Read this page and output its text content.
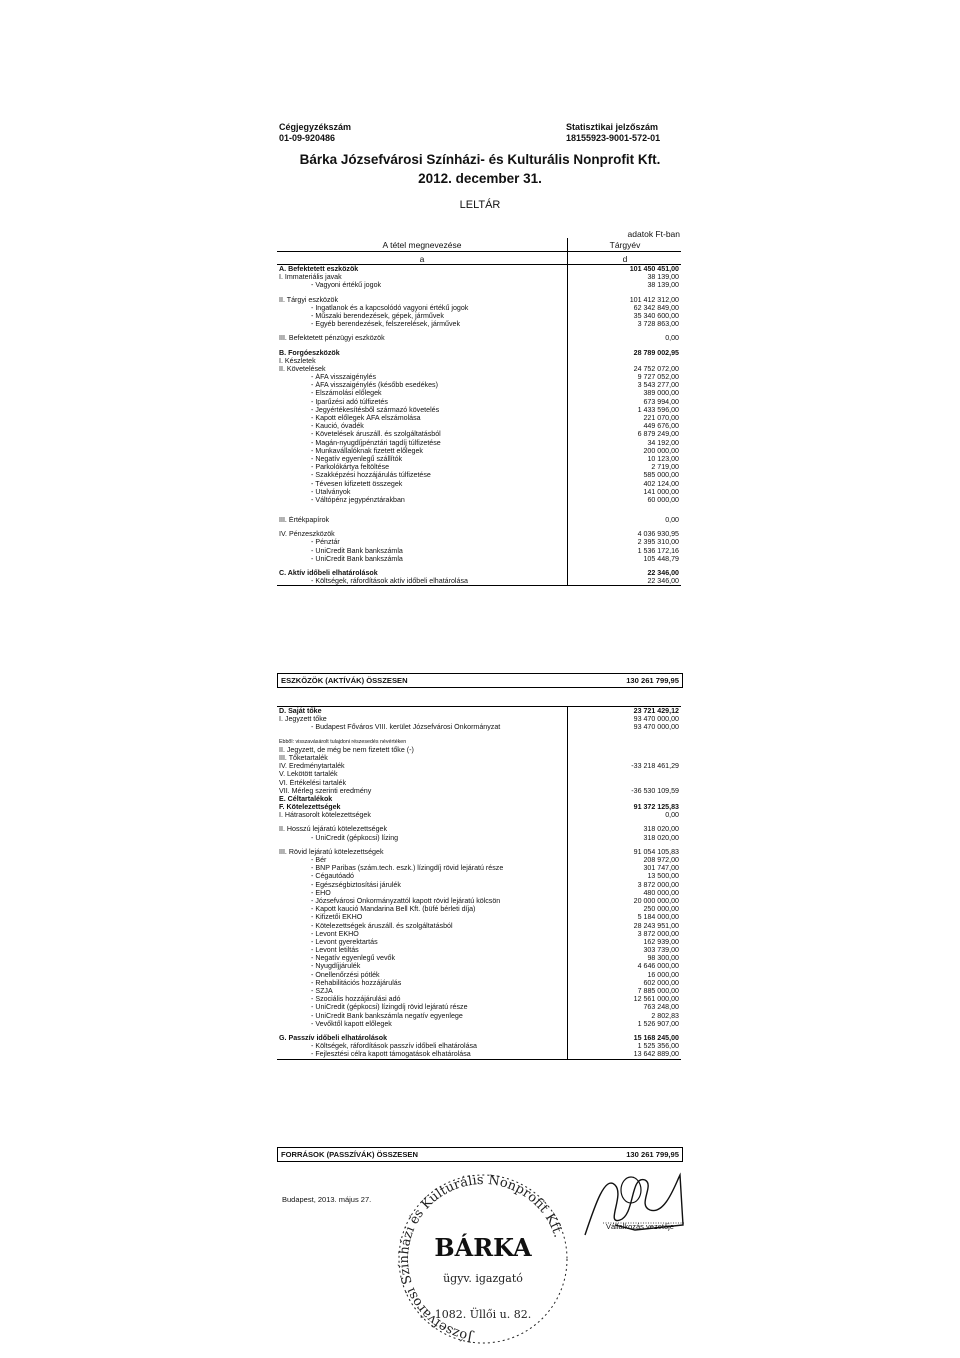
Cégjegyzékszám
01-09-920486
Statisztikai jelzőszám
18155923-9001-572-01
Bárka Józsefvárosi Színházi- és Kulturális Nonprofit Kft.
2012. december 31.
LELTÁR
adatok Ft-ban
A tétel megnevezése
a
Tárgyév
d
A. Befektetett eszközök	101 450 451,00
I. Immateriális javak	38 139,00
- Vagyoni értékű jogok	38 139,00
II. Tárgyi eszközök	101 412 312,00
- Ingatlanok és a kapcsolódó vagyoni értékű jogok	62 342 849,00
- Műszaki berendezések, gépek, járművek	35 340 600,00
- Egyéb berendezések, felszerelések, járművek	3 728 863,00
III. Befektetett pénzügyi eszközök	0,00
B. Forgóeszközök	28 789 002,95
I. Készletek
II. Követelések	24 752 072,00
- ÁFA visszaigénylés	9 727 052,00
- ÁFA visszaigénylés (később esedékes)	3 543 277,00
- Elszámolási előlegek	389 000,00
- Iparűzési adó túlfizetés	673 994,00
- Jegyértékesítésből származó követelés	1 433 596,00
- Kapott előlegek ÁFA elszámolása	221 070,00
- Kaució, óvadék	449 676,00
- Követelések áruszáll. és szolgáltatásból	6 879 249,00
- Magán-nyugdíjpénztári tagdíj túlfizetése	34 192,00
- Munkavállalóknak fizetett előlegek	200 000,00
- Negatív egyenlegű szállítók	10 123,00
- Parkolókártya feltöltése	2 719,00
- Szakképzési hozzájárulás túlfizetése	585 000,00
- Tévesen kifizetett összegek	402 124,00
- Utalványok	141 000,00
- Váltópénz jegypénztárakban	60 000,00
III. Értékpapírok	0,00
IV. Pénzeszközök	4 036 930,95
- Pénztár	2 395 310,00
- UniCredit Bank bankszámla	1 536 172,16
- UniCredit Bank bankszámla	105 448,79
C. Aktív időbeli elhatárolások	22 346,00
- Költségek, ráfordítások aktív időbeli elhatárolása	22 346,00
ESZKÖZÖK (AKTÍVÁK) ÖSSZESEN	130 261 799,95
D. Saját tőke	23 721 429,12
I. Jegyzett tőke	93 470 000,00
- Budapest Főváros VIII. kerület Józsefvárosi Önkormányzat	93 470 000,00
Ebből: visszavásárolt tulajdoni részesedés névértéken
II. Jegyzett, de még be nem fizetett tőke (-)
III. Tőketartalék
IV. Eredménytartalék	-33 218 461,29
V. Lekötött tartalék
VI. Értékelési tartalék
VII. Mérleg szerinti eredmény	-36 530 109,59
E. Céltartalékok
F. Kötelezettségek	91 372 125,83
I. Hátrasorolt kötelezettségek	0,00
II. Hosszú lejáratú kötelezettségek	318 020,00
- UniCredit (gépkocsi) lízing	318 020,00
III. Rövid lejáratú kötelezettségek	91 054 105,83
- Bér	208 972,00
- BNP Paribas (szám.tech. eszk.) lízingdíj rövid lejáratú része	301 747,00
- Cégautóadó	13 500,00
- Egészségbiztosítási járulék	3 872 000,00
- EHO	480 000,00
- Józsefvárosi Önkormányzattól kapott rövid lejáratú kölcsön	20 000 000,00
- Kapott kaució Mandarina Bell Kft. (büfé bérleti díja)	250 000,00
- Kifizetői EKHO	5 184 000,00
- Kötelezettségek áruszáll. és szolgáltatásból	28 243 951,00
- Levont EKHO	3 872 000,00
- Levont gyerektartás	162 939,00
- Levont letiltás	303 739,00
- Negatív egyenlegű vevők	98 300,00
- Nyugdíjjárulék	4 646 000,00
- Önellenőrzési pótlék	16 000,00
- Rehabilitációs hozzájárulás	602 000,00
- SZJA	7 885 000,00
- Szociális hozzájárulási adó	12 561 000,00
- UniCredit (gépkocsi) lízingdíj rövid lejáratú része	763 248,00
- UniCredit Bank bankszámla negatív egyenlege	2 802,83
- Vevőktől kapott előlegek	1 526 907,00
G. Passzív időbeli elhatárolások	15 168 245,00
- Költségek, ráfordítások passzív időbeli elhatárolása	1 525 356,00
- Fejlesztési célra kapott támogatások elhatárolása	13 642 889,00
FORRÁSOK (PASSZÍVÁK) ÖSSZESEN	130 261 799,95
Budapest, 2013. május 27.
Józsefvárosi Színházi és Kulturális Nonprofit Kft.
BÁRKA
ügyv. igazgató
1082. Üllői u. 82.
Vállalkozás vezetője
